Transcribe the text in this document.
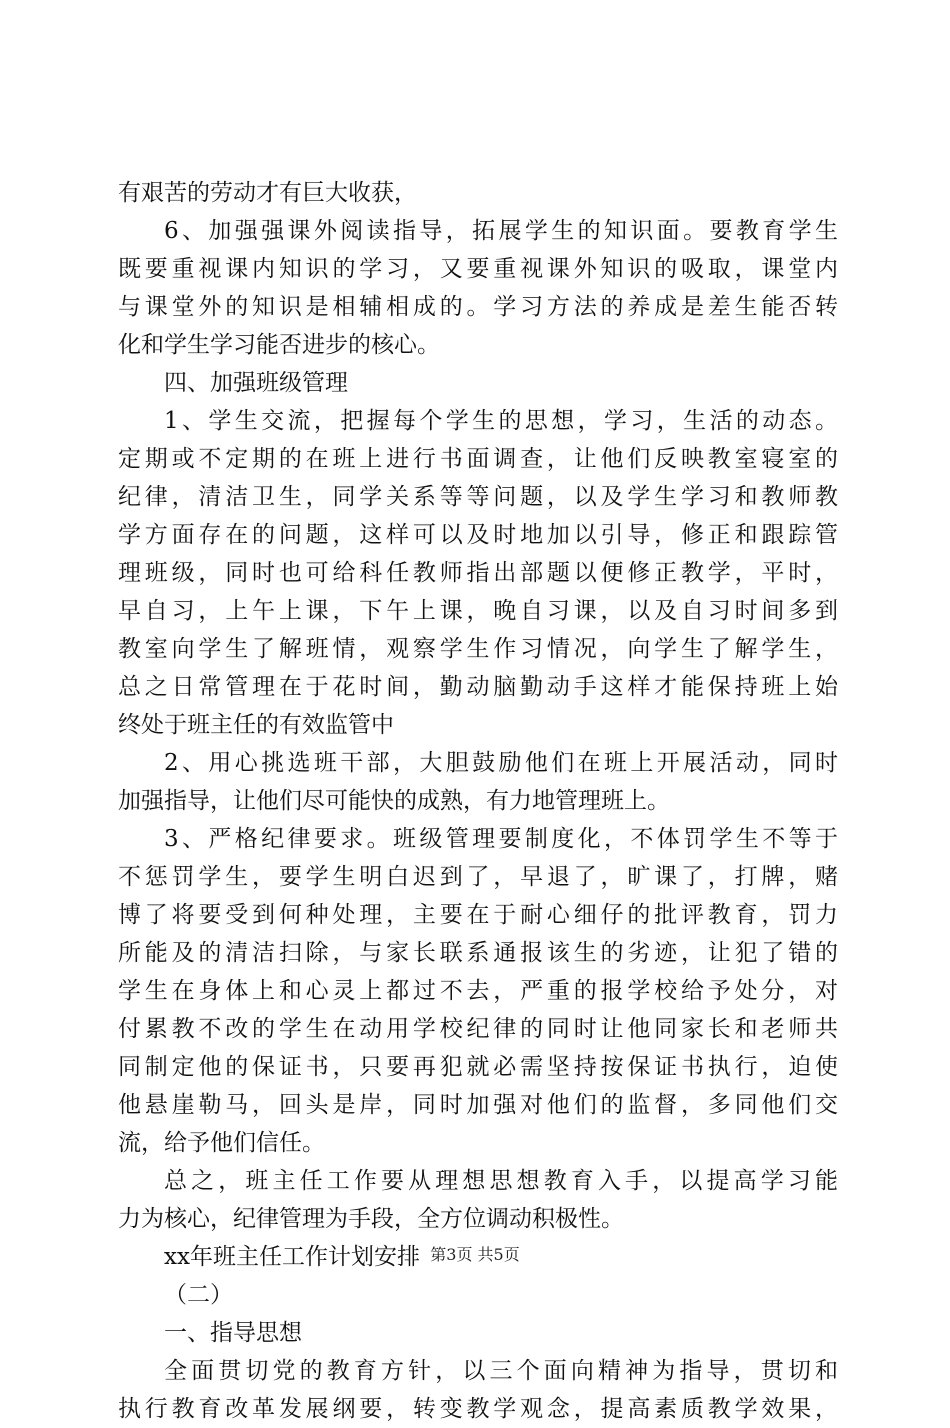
有艰苦的劳动才有巨大收获，
6、加强强课外阅读指导，拓展学生的知识面。要教育学生
既要重视课内知识的学习，又要重视课外知识的吸取，课堂内
与课堂外的知识是相辅相成的。学习方法的养成是差生能否转
化和学生学习能否进步的核心。
四、加强班级管理
1、学生交流，把握每个学生的思想，学习，生活的动态。
定期或不定期的在班上进行书面调查，让他们反映教室寝室的
纪律，清洁卫生，同学关系等等问题，以及学生学习和教师教
学方面存在的问题，这样可以及时地加以引导，修正和跟踪管
理班级，同时也可给科任教师指出部题以便修正教学，平时，
早自习，上午上课，下午上课，晚自习课，以及自习时间多到
教室向学生了解班情，观察学生作习情况，向学生了解学生，
总之日常管理在于花时间，勤动脑勤动手这样才能保持班上始
终处于班主任的有效监管中
2、用心挑选班干部，大胆鼓励他们在班上开展活动，同时
加强指导，让他们尽可能快的成熟，有力地管理班上。
3、严格纪律要求。班级管理要制度化，不体罚学生不等于
不惩罚学生，要学生明白迟到了，早退了，旷课了，打牌，赌
博了将要受到何种处理，主要在于耐心细仔的批评教育，罚力
所能及的清洁扫除，与家长联系通报该生的劣迹，让犯了错的
学生在身体上和心灵上都过不去，严重的报学校给予处分，对
付累教不改的学生在动用学校纪律的同时让他同家长和老师共
同制定他的保证书，只要再犯就必需坚持按保证书执行，迫使
他悬崖勒马，回头是岸，同时加强对他们的监督，多同他们交
流，给予他们信任。
总之，班主任工作要从理想思想教育入手，以提高学习能
力为核心，纪律管理为手段，全方位调动积极性。
xx年班主任工作计划安排
（二）
一、指导思想
全面贯切党的教育方针，以三个面向精神为指导，贯切和
执行教育改革发展纲要，转变教学观念，提高素质教学效果，
第3页 共5页
